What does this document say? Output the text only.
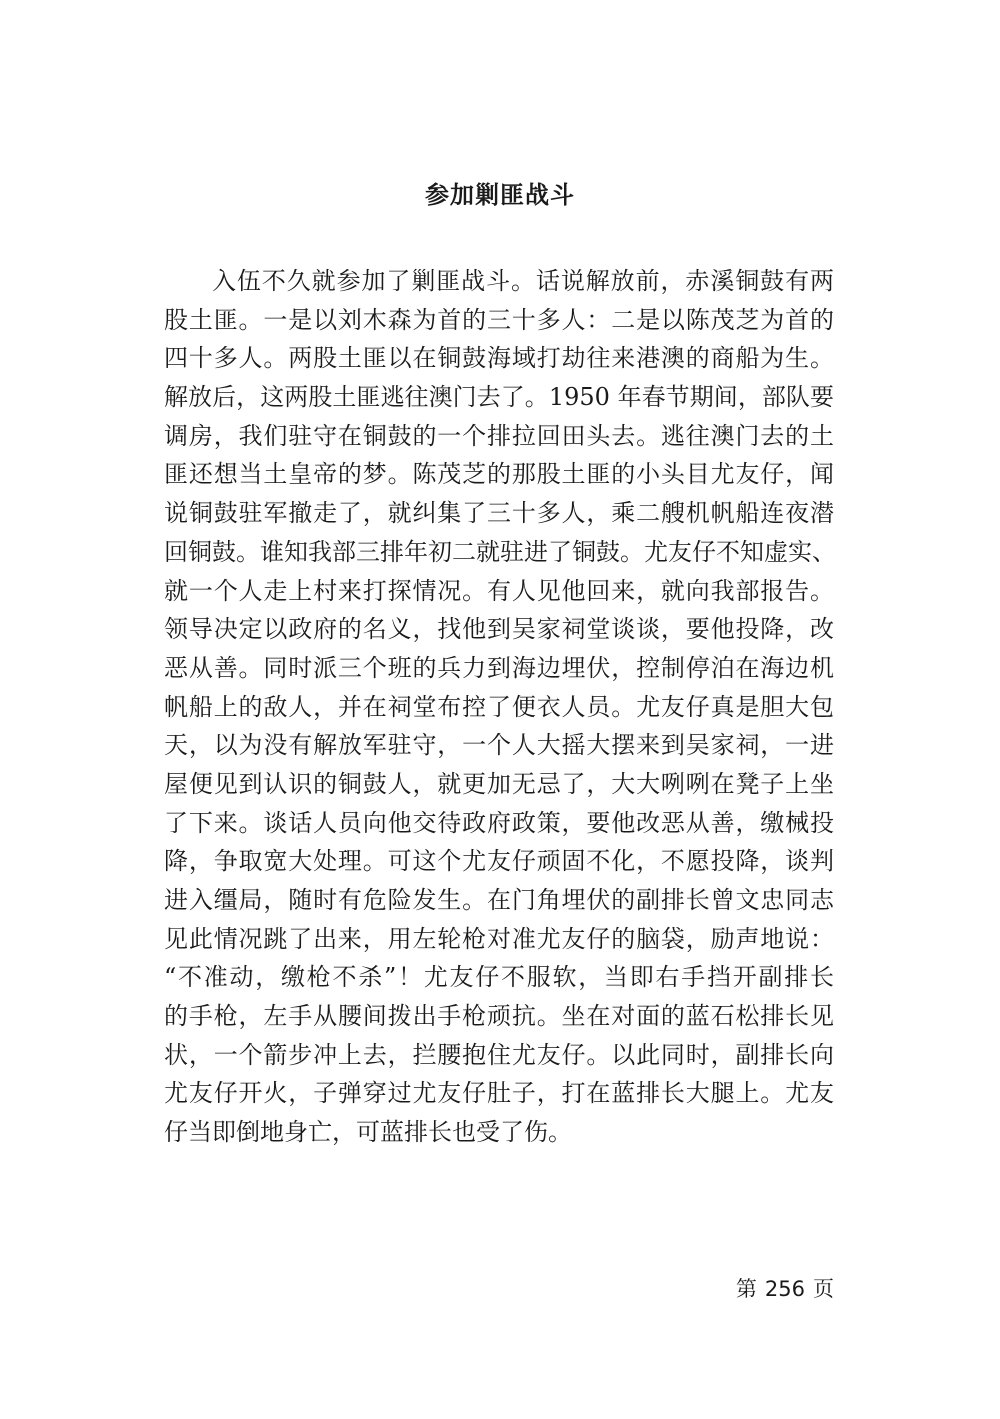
参加剿匪战斗
入伍不久就参加了剿匪战斗。话说解放前，赤溪铜鼓有两
股土匪。一是以刘木森为首的三十多人：二是以陈茂芝为首的
四十多人。两股土匪以在铜鼓海域打劫往来港澳的商船为生。
解放后，这两股土匪逃往澳门去了。1950 年春节期间，部队要
调房，我们驻守在铜鼓的一个排拉回田头去。逃往澳门去的土
匪还想当土皇帝的梦。陈茂芝的那股土匪的小头目尤友仔，闻
说铜鼓驻军撤走了，就纠集了三十多人，乘二艘机帆船连夜潜
回铜鼓。谁知我部三排年初二就驻进了铜鼓。尤友仔不知虚实、
就一个人走上村来打探情况。有人见他回来，就向我部报告。
领导决定以政府的名义，找他到吴家祠堂谈谈，要他投降，改
恶从善。同时派三个班的兵力到海边埋伏，控制停泊在海边机
帆船上的敌人，并在祠堂布控了便衣人员。尤友仔真是胆大包
天，以为没有解放军驻守，一个人大摇大摆来到吴家祠，一进
屋便见到认识的铜鼓人，就更加无忌了，大大咧咧在凳子上坐
了下来。谈话人员向他交待政府政策，要他改恶从善，缴械投
降，争取宽大处理。可这个尤友仔顽固不化，不愿投降，谈判
进入缰局，随时有危险发生。在门角埋伏的副排长曾文忠同志
见此情况跳了出来，用左轮枪对准尤友仔的脑袋，励声地说：
“不准动，缴枪不杀”！尤友仔不服软，当即右手挡开副排长
的手枪，左手从腰间拨出手枪顽抗。坐在对面的蓝石松排长见
状，一个箭步冲上去，拦腰抱住尤友仔。以此同时，副排长向
尤友仔开火，子弹穿过尤友仔肚子，打在蓝排长大腿上。尤友
仔当即倒地身亡，可蓝排长也受了伤。
第 256 页
